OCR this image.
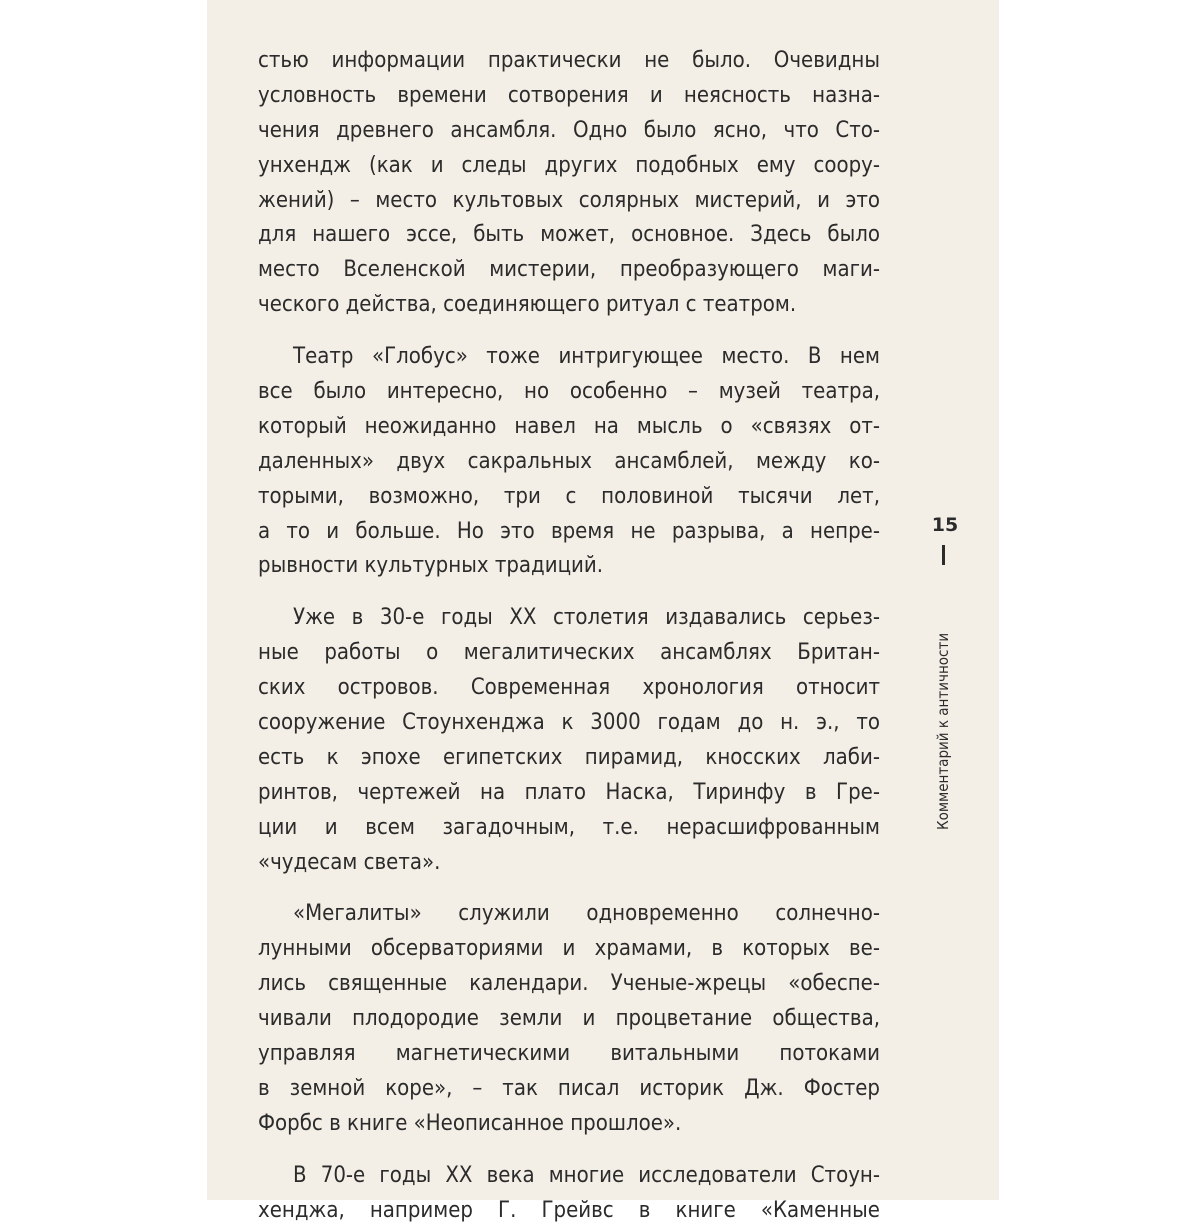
стью информации практически не было. Очевидны
условность времени сотворения и неясность назна-
чения древнего ансамбля. Одно было ясно, что Сто-
унхендж (как и следы других подобных ему соору-
жений) – место культовых солярных мистерий, и это
для нашего эссе, быть может, основное. Здесь было
место Вселенской мистерии, преобразующего маги-
ческого действа, соединяющего ритуал с театром.
Театр «Глобус» тоже интригующее место. В нем
все было интересно, но особенно – музей театра,
который неожиданно навел на мысль о «связях от-
даленных» двух сакральных ансамблей, между ко-
торыми, возможно, три с половиной тысячи лет,
а то и больше. Но это время не разрыва, а непре-
рывности культурных традиций.
Уже в 30-е годы XX столетия издавались серьез-
ные работы о мегалитических ансамблях Британ-
ских островов. Современная хронология относит
сооружение Стоунхенджа к 3000 годам до н. э., то
есть к эпохе египетских пирамид, кносских лаби-
ринтов, чертежей на плато Наска, Тиринфу в Гре-
ции и всем загадочным, т.е. нерасшифрованным
«чудесам света».
«Мегалиты» служили одновременно солнечно-
лунными обсерваториями и храмами, в которых ве-
лись священные календари. Ученые-жрецы «обеспе-
чивали плодородие земли и процветание общества,
управляя магнетическими витальными потоками
в земной коре», – так писал историк Дж. Фостер
Форбс в книге «Неописанное прошлое».
В 70-е годы XX века многие исследователи Стоун-
хенджа, например Г. Грейвс в книге «Каменные
15
Комментарий к античности
